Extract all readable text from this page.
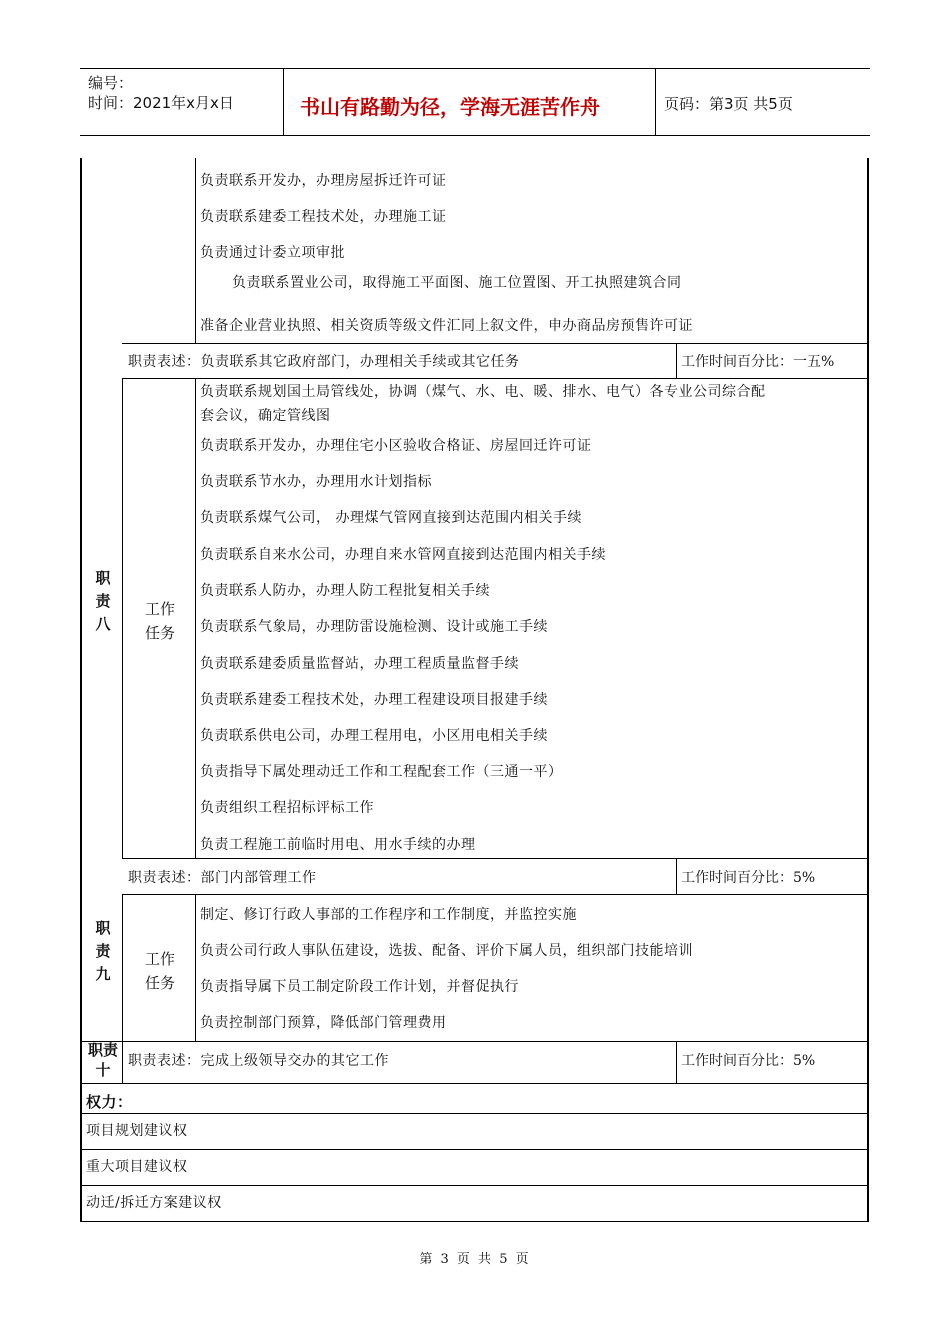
编号：
时间：2021年x月x日	书山有路勤为径，学海无涯苦作舟	页码：第3页 共5页
负责联系开发办，办理房屋拆迁许可证
负责联系建委工程技术处，办理施工证
负责通过计委立项审批
负责联系置业公司，取得施工平面图、施工位置图、开工执照建筑合同
准备企业营业执照、相关资质等级文件汇同上叙文件，申办商品房预售许可证
职责表述：负责联系其它政府部门，办理相关手续或其它任务	工作时间百分比：一五%
职
责
八
工作
任务
负责联系规划国土局管线处，协调（煤气、水、电、暖、排水、电气）各专业公司综合配
套会议，确定管线图
负责联系开发办，办理住宅小区验收合格证、房屋回迁许可证
负责联系节水办，办理用水计划指标
负责联系煤气公司， 办理煤气管网直接到达范围内相关手续
负责联系自来水公司，办理自来水管网直接到达范围内相关手续
负责联系人防办，办理人防工程批复相关手续
负责联系气象局，办理防雷设施检测、设计或施工手续
负责联系建委质量监督站，办理工程质量监督手续
负责联系建委工程技术处，办理工程建设项目报建手续
负责联系供电公司，办理工程用电，小区用电相关手续
负责指导下属处理动迁工作和工程配套工作（三通一平）
负责组织工程招标评标工作
负责工程施工前临时用电、用水手续的办理
职责表述：部门内部管理工作	工作时间百分比：5%
职
责
九
工作
任务
制定、修订行政人事部的工作程序和工作制度，并监控实施
负责公司行政人事队伍建设，选拔、配备、评价下属人员，组织部门技能培训
负责指导属下员工制定阶段工作计划，并督促执行
负责控制部门预算，降低部门管理费用
职责
十	职责表述：完成上级领导交办的其它工作	工作时间百分比：5%
权力：
项目规划建议权
重大项目建议权
动迁/拆迁方案建议权
第 3 页 共 5 页
